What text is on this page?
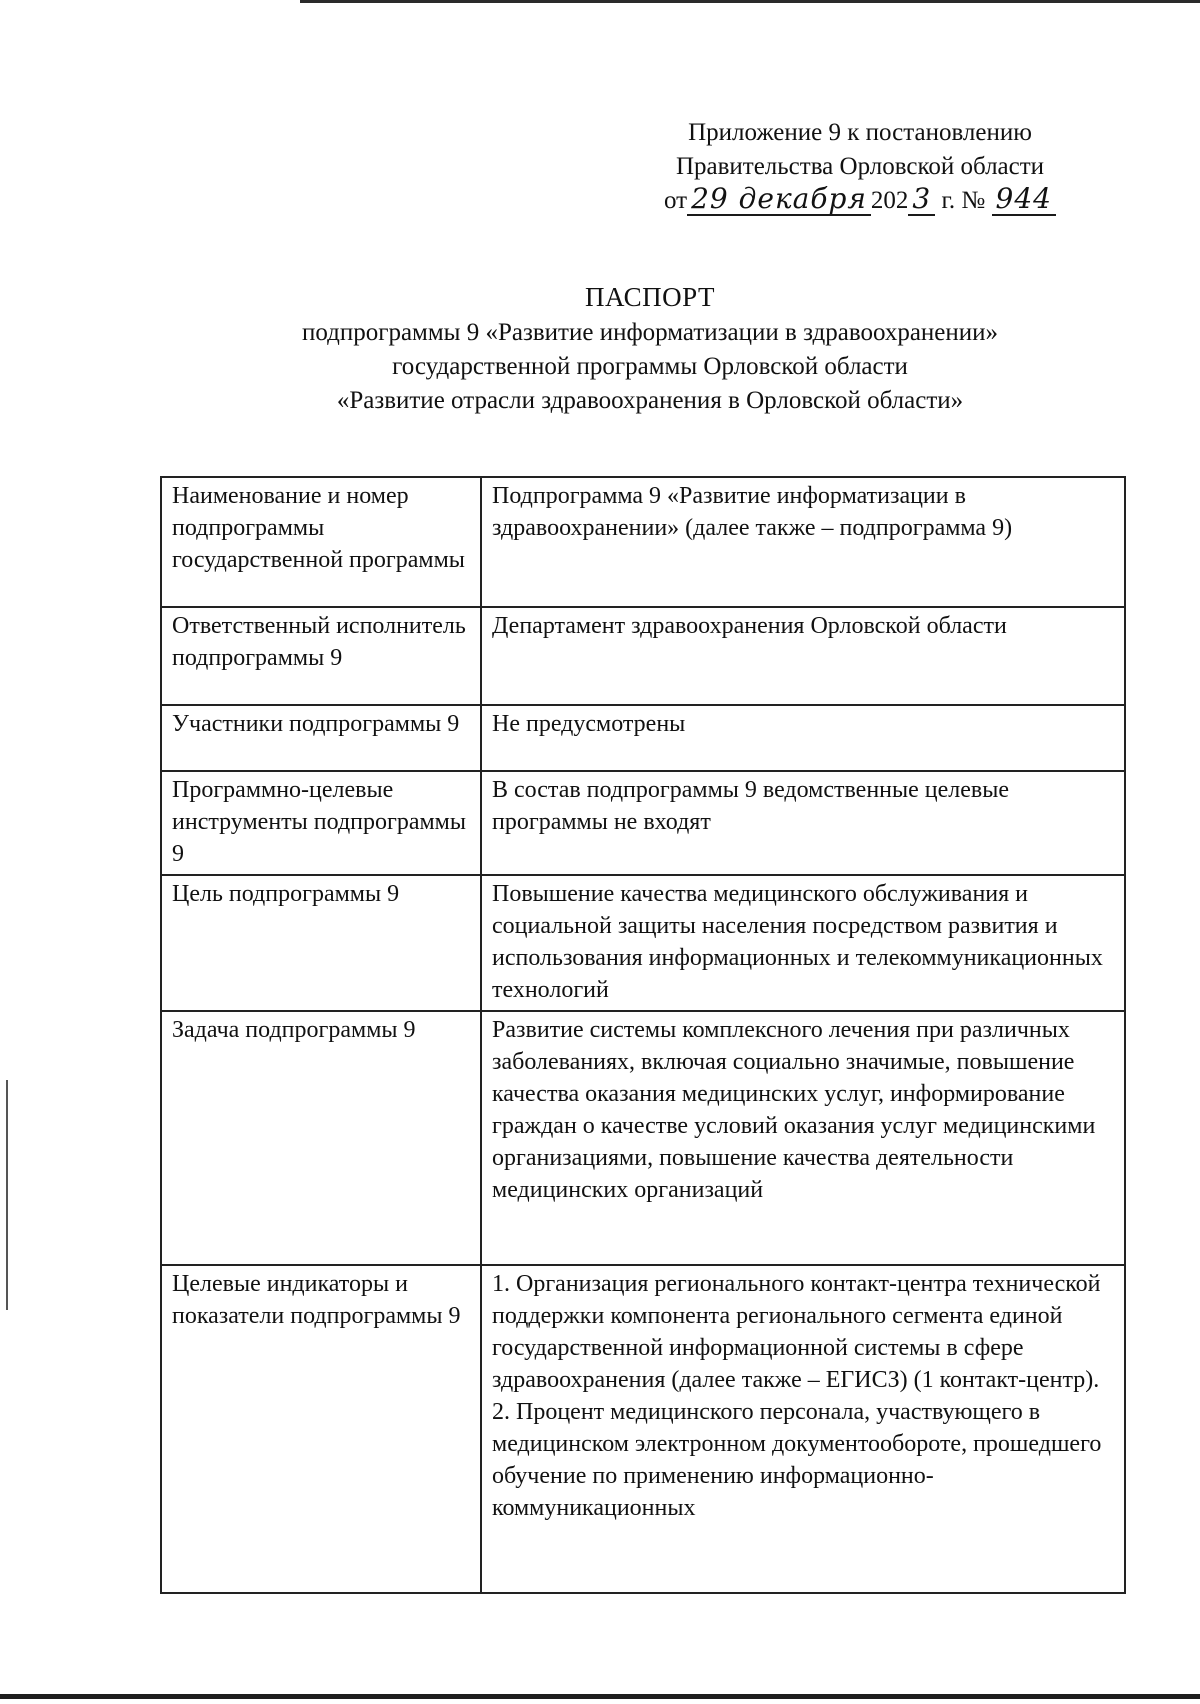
Приложение 9 к постановлению
Правительства Орловской области
от 29 декабря 202 3 г. № 944
ПАСПОРТ
подпрограммы 9 «Развитие информатизации в здравоохранении»
государственной программы Орловской области
«Развитие отрасли здравоохранения в Орловской области»
Наименование и номер подпрограммы государственной программы	Подпрограмма 9 «Развитие информатизации в здравоохранении» (далее также – подпрограмма 9)
Ответственный исполнитель подпрограммы 9	Департамент здравоохранения Орловской области
Участники подпрограммы 9	Не предусмотрены
Программно-целевые инструменты подпрограммы 9	В состав подпрограммы 9 ведомственные целевые программы не входят
Цель подпрограммы 9	Повышение качества медицинского обслуживания и социальной защиты населения посредством развития и использования информационных и телекоммуникационных технологий
Задача подпрограммы 9	Развитие системы комплексного лечения при различных заболеваниях, включая социально значимые, повышение качества оказания медицинских услуг, информирование граждан о качестве условий оказания услуг медицинскими организациями, повышение качества деятельности медицинских организаций
Целевые индикаторы и показатели подпрограммы 9	1. Организация регионального контакт-центра технической поддержки компонента регионального сегмента единой государственной информационной системы в сфере здравоохранения (далее также – ЕГИСЗ) (1 контакт-центр).
2. Процент медицинского персонала, участвующего в медицинском электронном документообороте, прошедшего обучение по применению информационно-коммуникационных
